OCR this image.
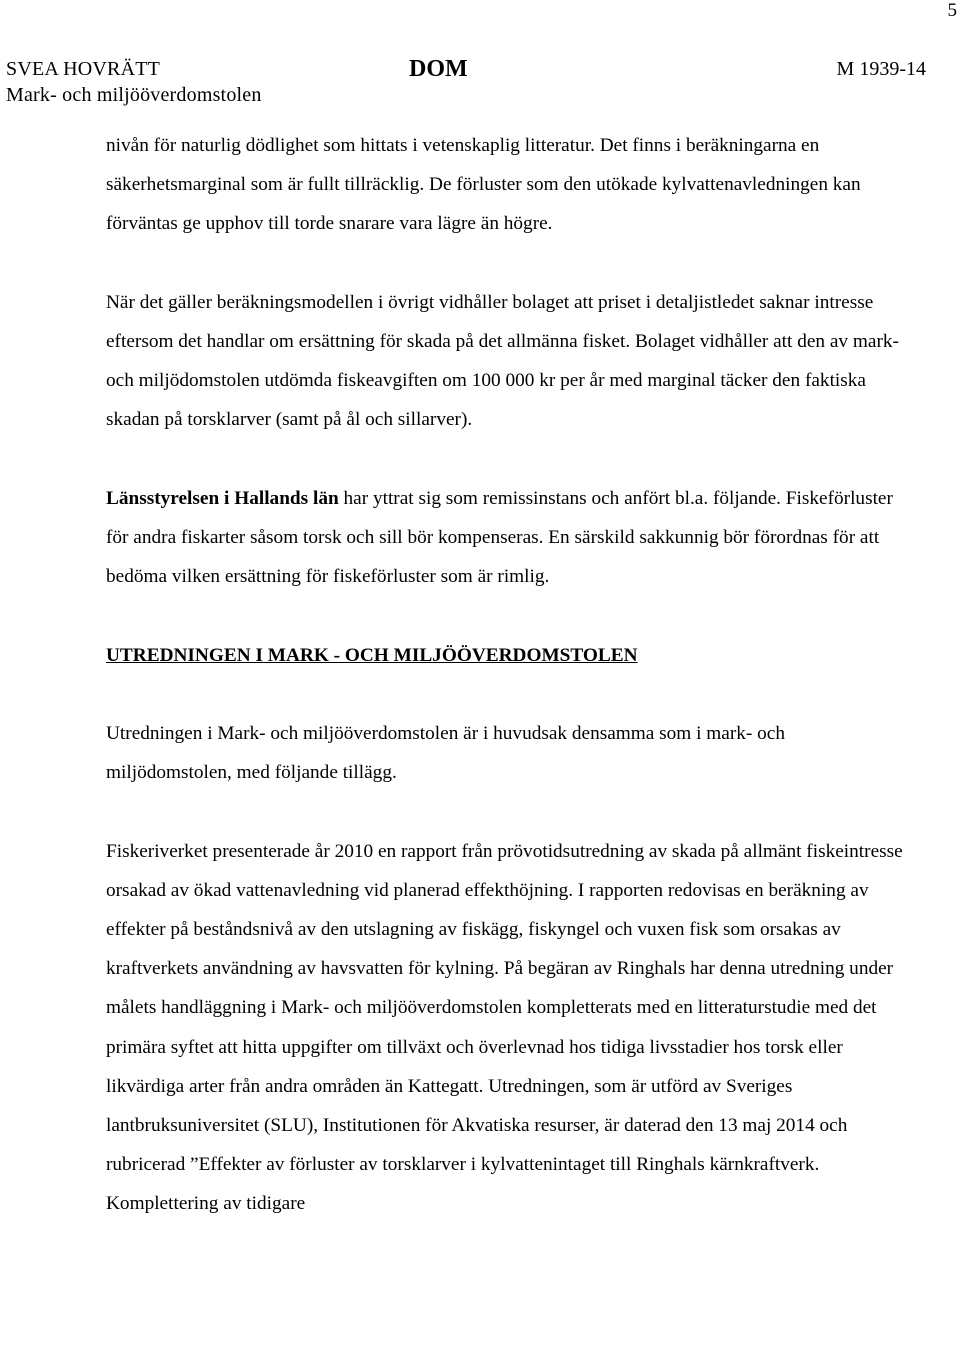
5
SVEA HOVRÄTT
Mark- och miljööverdomstolen
DOM	M 1939-14

nivån för naturlig dödlighet som hittats i vetenskaplig litteratur. Det finns i beräkningarna en säkerhetsmarginal som är fullt tillräcklig. De förluster som den utökade kylvattenavledningen kan förväntas ge upphov till torde snarare vara lägre än högre.

När det gäller beräkningsmodellen i övrigt vidhåller bolaget att priset i detaljistledet saknar intresse eftersom det handlar om ersättning för skada på det allmänna fisket. Bolaget vidhåller att den av mark- och miljödomstolen utdömda fiskeavgiften om 100 000 kr per år med marginal täcker den faktiska skadan på torsklarver (samt på ål och sillarver).

Länsstyrelsen i Hallands län har yttrat sig som remissinstans och anfört bl.a. följande. Fiskeförluster för andra fiskarter såsom torsk och sill bör kompenseras. En särskild sakkunnig bör förordnas för att bedöma vilken ersättning för fiskeförluster som är rimlig.

UTREDNINGEN I MARK - OCH MILJÖÖVERDOMSTOLEN

Utredningen i Mark- och miljööverdomstolen är i huvudsak densamma som i mark- och miljödomstolen, med följande tillägg.

Fiskeriverket presenterade år 2010 en rapport från prövotidsutredning av skada på allmänt fiskeintresse orsakad av ökad vattenavledning vid planerad effekthöjning. I rapporten redovisas en beräkning av effekter på beståndsnivå av den utslagning av fiskägg, fiskyngel och vuxen fisk som orsakas av kraftverkets användning av havsvatten för kylning. På begäran av Ringhals har denna utredning under målets handläggning i Mark- och miljööverdomstolen kompletterats med en litteraturstudie med det primära syftet att hitta uppgifter om tillväxt och överlevnad hos tidiga livsstadier hos torsk eller likvärdiga arter från andra områden än Kattegatt. Utredningen, som är utförd av Sveriges lantbruksuniversitet (SLU), Institutionen för Akvatiska resurser, är daterad den 13 maj 2014 och rubricerad ”Effekter av förluster av torsklarver i kylvattenintaget till Ringhals kärnkraftverk. Komplettering av tidigare
